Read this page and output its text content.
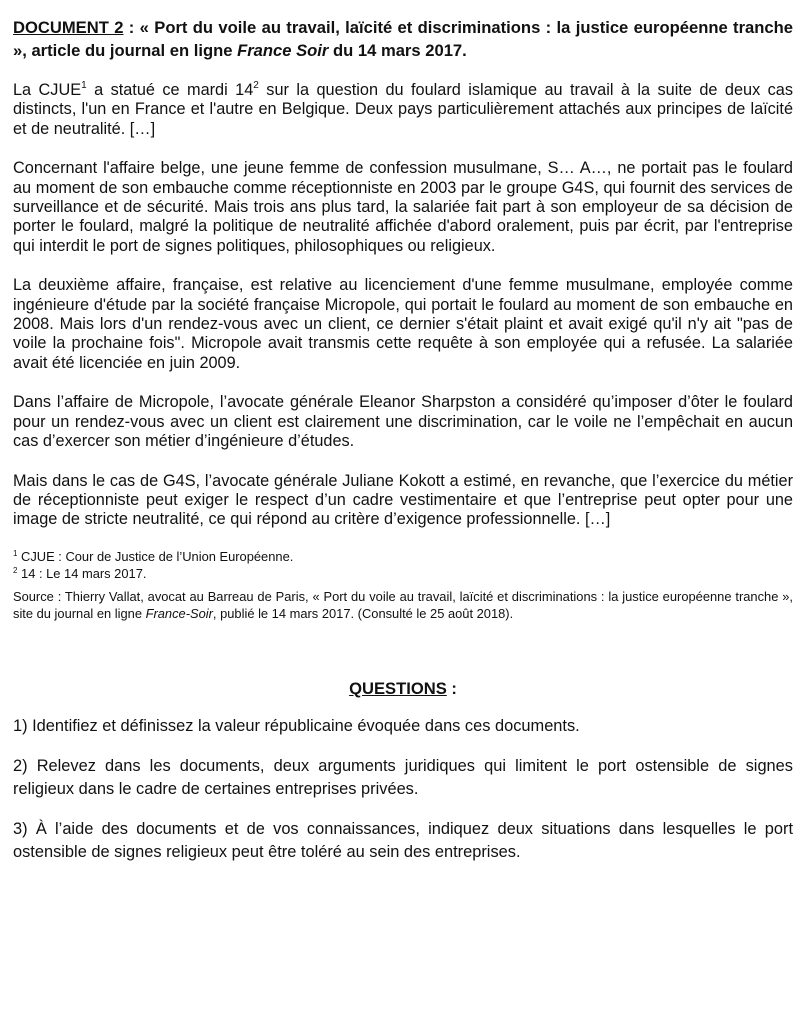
DOCUMENT 2 : « Port du voile au travail, laïcité et discriminations : la justice européenne tranche », article du journal en ligne France Soir du 14 mars 2017.

La CJUE$^1$ a statué ce mardi $14^2$ sur la question du foulard islamique au travail à la suite de deux cas distincts, l'un en France et l'autre en Belgique. Deux pays particulièrement attachés aux principes de laïcité et de neutralité. […]

Concernant l'affaire belge, une jeune femme de confession musulmane, S… A…, ne portait pas le foulard au moment de son embauche comme réceptionniste en 2003 par le groupe G4S, qui fournit des services de surveillance et de sécurité. Mais trois ans plus tard, la salariée fait part à son employeur de sa décision de porter le foulard, malgré la politique de neutralité affichée d'abord oralement, puis par écrit, par l'entreprise qui interdit le port de signes politiques, philosophiques ou religieux.

La deuxième affaire, française, est relative au licenciement d'une femme musulmane, employée comme ingénieure d'étude par la société française Micropole, qui portait le foulard au moment de son embauche en 2008. Mais lors d'un rendez-vous avec un client, ce dernier s'était plaint et avait exigé qu'il n'y ait "pas de voile la prochaine fois". Micropole avait transmis cette requête à son employée qui a refusée. La salariée avait été licenciée en juin 2009.

Dans l’affaire de Micropole, l’avocate générale Eleanor Sharpston a considéré qu’imposer d’ôter le foulard pour un rendez-vous avec un client est clairement une discrimination, car le voile ne l’empêchait en aucun cas d’exercer son métier d’ingénieure d’études.

Mais dans le cas de G4S, l’avocate générale Juliane Kokott a estimé, en revanche, que l’exercice du métier de réceptionniste peut exiger le respect d’un cadre vestimentaire et que l’entreprise peut opter pour une image de stricte neutralité, ce qui répond au critère d’exigence professionnelle. […]

$^1$ CJUE : Cour de Justice de l’Union Européenne.

$^2$ 14 : Le 14 mars 2017.

Source : Thierry Vallat, avocat au Barreau de Paris, « Port du voile au travail, laïcité et discriminations : la justice européenne tranche », site du journal en ligne France-Soir, publié le 14 mars 2017. (Consulté le 25 août 2018).

QUESTIONS :

1) Identifiez et définissez la valeur républicaine évoquée dans ces documents.

2) Relevez dans les documents, deux arguments juridiques qui limitent le port ostensible de signes religieux dans le cadre de certaines entreprises privées.

3) À l’aide des documents et de vos connaissances, indiquez deux situations dans lesquelles le port ostensible de signes religieux peut être toléré au sein des entreprises.
